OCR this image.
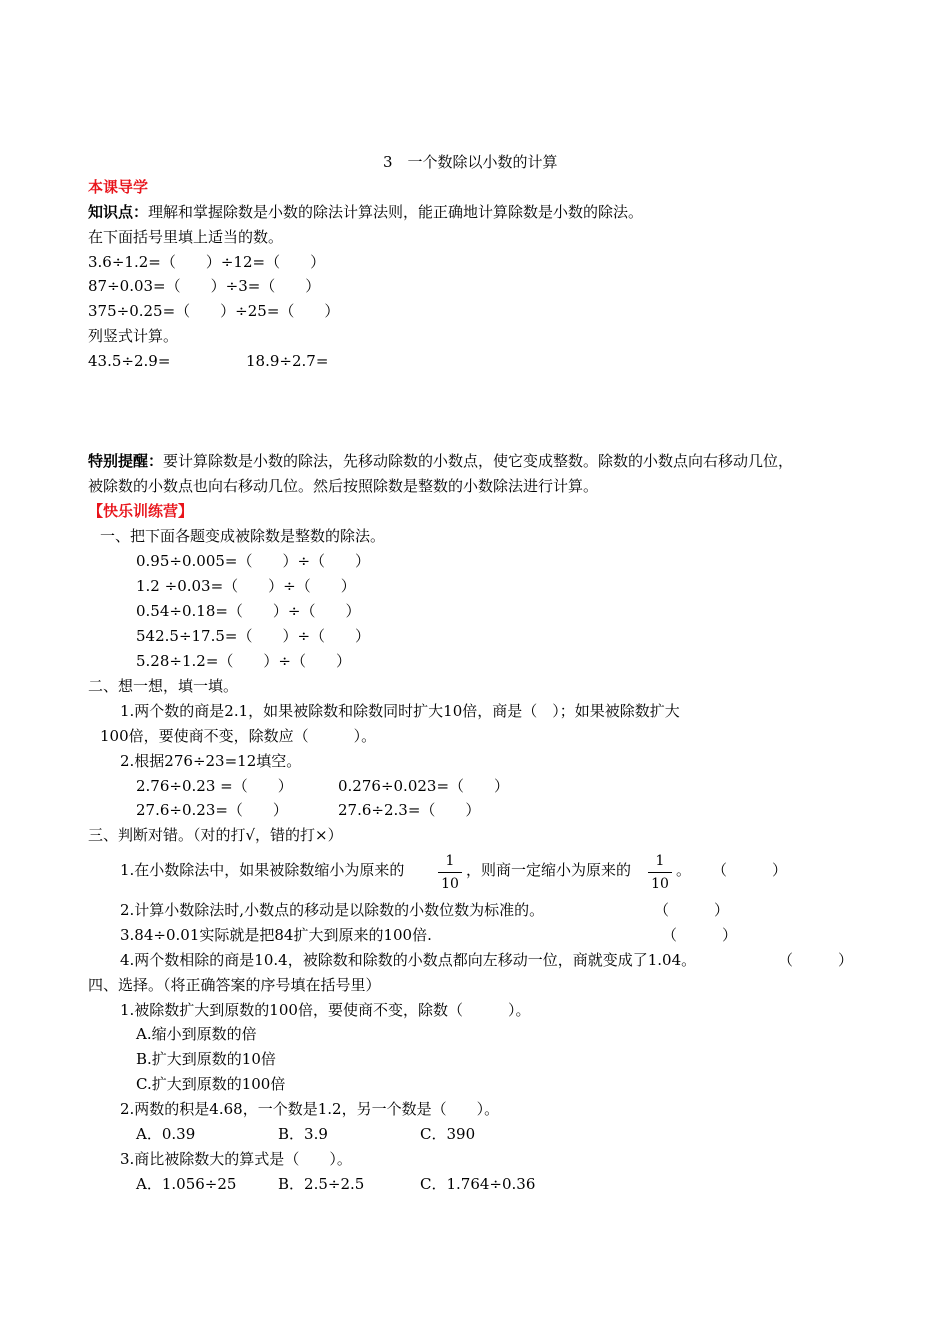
3　一个数除以小数的计算
本课导学
知识点：理解和掌握除数是小数的除法计算法则，能正确地计算除数是小数的除法。
在下面括号里填上适当的数。
3.6÷1.2=（　　）÷12=（　　）
87÷0.03=（　　）÷3=（　　）
375÷0.25=（　　）÷25=（　　）
列竖式计算。
43.5÷2.9=	18.9÷2.7=
特别提醒：要计算除数是小数的除法，先移动除数的小数点，使它变成整数。除数的小数点向右移动几位，
被除数的小数点也向右移动几位。然后按照除数是整数的小数除法进行计算。
【快乐训练营】
一、把下面各题变成被除数是整数的除法。
0.95÷0.005=（　　）÷（　　）
1.2 ÷0.03=（　　）÷（　　）
0.54÷0.18=（　　）÷（　　）
542.5÷17.5=（　　）÷（　　）
5.28÷1.2=（　　）÷（　　）
二、想一想，填一填。
1.两个数的商是2.1，如果被除数和除数同时扩大10倍，商是（　）；如果被除数扩大
100倍，要使商不变，除数应（　　　）。
2.根据276÷23=12填空。
2.76÷0.23 =（　　）	0.276÷0.023=（　　）
27.6÷0.23=（　　）	27.6÷2.3=（　　）
三、判断对错。（对的打√，错的打×）
1.在小数除法中，如果被除数缩小为原来的 $\frac{1}{10}$ ，则商一定缩小为原来的 $\frac{1}{10}$ 。 （　　　）
2.计算小数除法时,小数点的移动是以除数的小数位数为标准的。	（　　　）
3.84÷0.01实际就是把84扩大到原来的100倍.	（　　　）
4.两个数相除的商是10.4，被除数和除数的小数点都向左移动一位，商就变成了1.04。	（　　　）
四、选择。（将正确答案的序号填在括号里）
1.被除数扩大到原数的100倍，要使商不变，除数（　　　）。
A.缩小到原数的倍
B.扩大到原数的10倍
C.扩大到原数的100倍
2.两数的积是4.68，一个数是1.2，另一个数是（　　）。
A．0.39	B．3.9	C．390
3.商比被除数大的算式是（　　）。
A．1.056÷25	B．2.5÷2.5	C．1.764÷0.36
